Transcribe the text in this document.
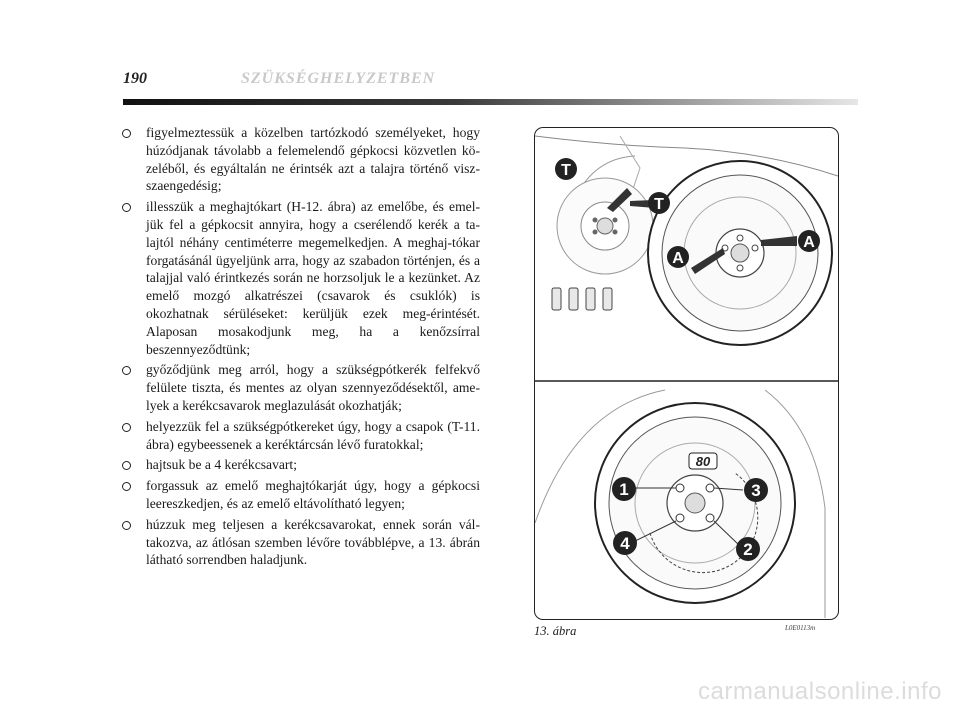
190	SZÜKSÉGHELYZETBEN
figyelmeztessük a közelben tartózkodó személyeket, hogy húzódjanak távolabb a felemelendő gépkocsi közvetlen kö-zeléből, és egyáltalán ne érintsék azt a talajra történő visz-szaengedésig;
illesszük a meghajtókart (H-12. ábra) az emelőbe, és emel-jük fel a gépkocsit annyira, hogy a cserélendő kerék a ta-lajtól néhány centiméterre megemelkedjen. A meghaj-tókar forgatásánál ügyeljünk arra, hogy az szabadon történjen, és a talajjal való érintkezés során ne horzsoljuk le a kezünket. Az emelő mozgó alkatrészei (csavarok és csuklók) is okozhatnak sérüléseket: kerüljük ezek meg-érintését. Alaposan mosakodjunk meg, ha a kenőzsírral beszennyeződtünk;
győződjünk meg arról, hogy a szükségpótkerék felfekvő felülete tiszta, és mentes az olyan szennyeződésektől, ame-lyek a kerékcsavarok meglazulását okozhatják;
helyezzük fel a szükségpótkereket úgy, hogy a csapok (T-11. ábra) egybeessenek a keréktárcsán lévő furatokkal;
hajtsuk be a 4 kerékcsavart;
forgassuk az emelő meghajtókarját úgy, hogy a gépkocsi leereszkedjen, és az emelő eltávolítható legyen;
húzzuk meg teljesen a kerékcsavarokat, ennek során vál-takozva, az átlósan szemben lévőre továbblépve, a 13. ábrán látható sorrendben haladjunk.
T
T
A
A
80
1	3
4	2
13. ábra	L0E0113m
carmanualsonline.info
